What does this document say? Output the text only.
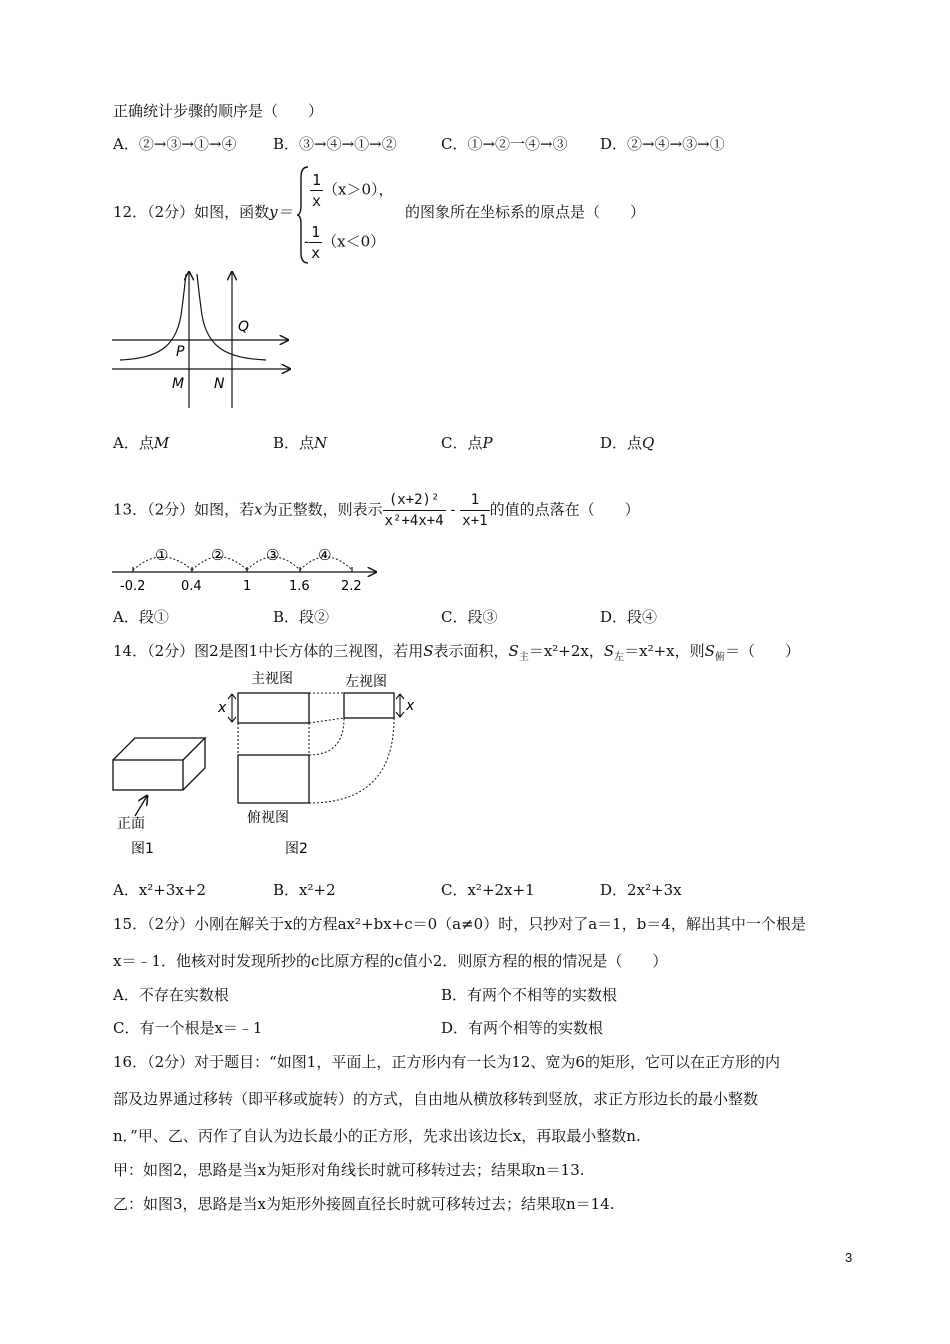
正确统计步骤的顺序是（　　）
A．②→③→①→④ B．③→④→①→②	C．①→②一④→③ D．②→④→③→①
12．（2分）如图，函数y＝
$\frac{1}{x} (x>0)$，
- $\frac{1}{x} (x<0)$
的图象所在坐标系的原点是（　　）
Q
P
M N
A．点M	B．点N	C．点P	D．点Q
13．（2分）如图，若x为正整数，则表示 $\frac{\text{(x+2)²}}{\text{x²+4x+4}} - \frac{1}{x+1}$ 的值的点落在（　　）
①	②	③	④
-0.2	0.4	1	1.6 2.2
A．段①	B．段②	C．段③	D．段④
14．（2分）图2是图1中长方体的三视图，若用S表示面积，$S_主=x^2+2x$，$S_左=x^2+x$，则$S_俯=$（　　）
正面
图1
主视图	左视图
俯视图
图2
x	x
A．x²+3x+2	B．x²+2	C．x²+2x+1	D．2x²+3x
15．（2分）小刚在解关于x的方程ax²+bx+c＝0（a≠0）时，只抄对了a＝1，b＝4，解出其中一个根是
x＝﹣1．他核对时发现所抄的c比原方程的c值小2．则原方程的根的情况是（　　）
A．不存在实数根	B．有两个不相等的实数根
C．有一个根是x＝﹣1	D．有两个相等的实数根
16．（2分）对于题目：“如图1，平面上，正方形内有一长为12、宽为6的矩形，它可以在正方形的内
部及边界通过移转（即平移或旋转）的方式，自由地从横放移转到竖放，求正方形边长的最小整数
n．”甲、乙、丙作了自认为边长最小的正方形，先求出该边长x，再取最小整数n.
甲：如图2，思路是当x为矩形对角线长时就可移转过去；结果取n＝13.
乙：如图3，思路是当x为矩形外接圆直径长时就可移转过去；结果取n＝14.
3
